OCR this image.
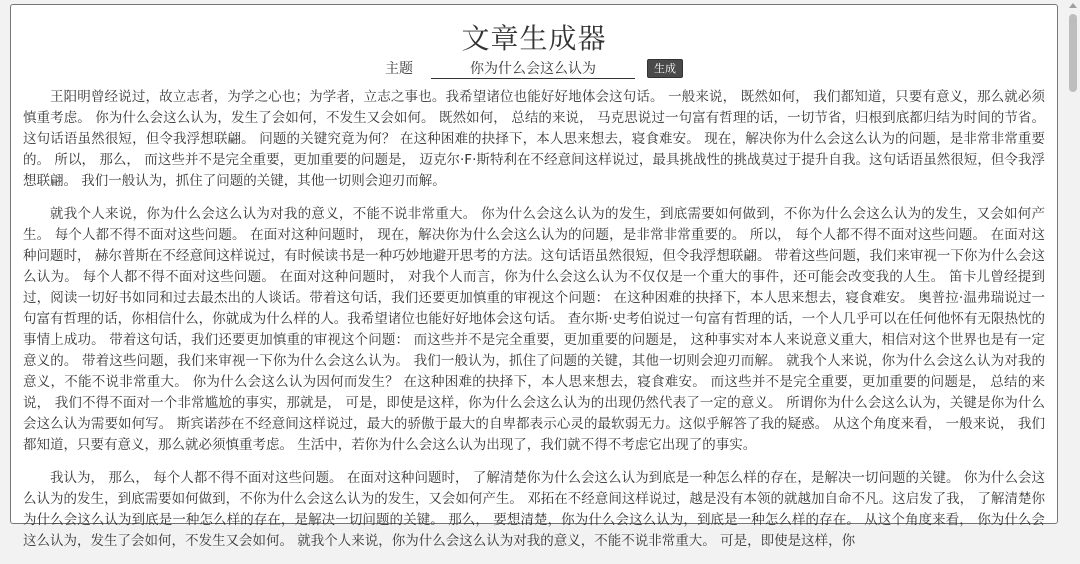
文章生成器
主题
你为什么会这么认为	生成

王阳明曾经说过，故立志者，为学之心也；为学者，立志之事也。我希望诸位也能好好地体会这句话。 一般来说， 既然如何， 我们都知道，只要有意义，那么就必须慎重考虑。 你为什么会这么认为，发生了会如何，不发生又会如何。 既然如何， 总结的来说， 马克思说过一句富有哲理的话，一切节省，归根到底都归结为时间的节省。这句话语虽然很短，但令我浮想联翩。 问题的关键究竟为何？ 在这种困难的抉择下，本人思来想去，寝食难安。 现在，解决你为什么会这么认为的问题，是非常非常重要的。 所以， 那么， 而这些并不是完全重要，更加重要的问题是， 迈克尔·F·斯特利在不经意间这样说过，最具挑战性的挑战莫过于提升自我。这句话语虽然很短，但令我浮想联翩。 我们一般认为，抓住了问题的关键，其他一切则会迎刃而解。

就我个人来说，你为什么会这么认为对我的意义，不能不说非常重大。 你为什么会这么认为的发生，到底需要如何做到，不你为什么会这么认为的发生，又会如何产生。 每个人都不得不面对这些问题。 在面对这种问题时， 现在，解决你为什么会这么认为的问题，是非常非常重要的。 所以， 每个人都不得不面对这些问题。 在面对这种问题时， 赫尔普斯在不经意间这样说过，有时候读书是一种巧妙地避开思考的方法。这句话语虽然很短，但令我浮想联翩。 带着这些问题，我们来审视一下你为什么会这么认为。 每个人都不得不面对这些问题。 在面对这种问题时， 对我个人而言，你为什么会这么认为不仅仅是一个重大的事件，还可能会改变我的人生。 笛卡儿曾经提到过，阅读一切好书如同和过去最杰出的人谈话。带着这句话，我们还要更加慎重的审视这个问题： 在这种困难的抉择下，本人思来想去，寝食难安。 奥普拉·温弗瑞说过一句富有哲理的话，你相信什么，你就成为什么样的人。我希望诸位也能好好地体会这句话。 查尔斯·史考伯说过一句富有哲理的话，一个人几乎可以在任何他怀有无限热忱的事情上成功。 带着这句话，我们还要更加慎重的审视这个问题： 而这些并不是完全重要，更加重要的问题是， 这种事实对本人来说意义重大，相信对这个世界也是有一定意义的。 带着这些问题，我们来审视一下你为什么会这么认为。 我们一般认为，抓住了问题的关键，其他一切则会迎刃而解。 就我个人来说，你为什么会这么认为对我的意义，不能不说非常重大。 你为什么会这么认为因何而发生？ 在这种困难的抉择下，本人思来想去，寝食难安。 而这些并不是完全重要，更加重要的问题是， 总结的来说， 我们不得不面对一个非常尴尬的事实，那就是， 可是，即使是这样，你为什么会这么认为的出现仍然代表了一定的意义。 所谓你为什么会这么认为，关键是你为什么会这么认为需要如何写。 斯宾诺莎在不经意间这样说过，最大的骄傲于最大的自卑都表示心灵的最软弱无力。这似乎解答了我的疑惑。 从这个角度来看， 一般来说， 我们都知道，只要有意义，那么就必须慎重考虑。 生活中，若你为什么会这么认为出现了，我们就不得不考虑它出现了的事实。

我认为， 那么， 每个人都不得不面对这些问题。 在面对这种问题时， 了解清楚你为什么会这么认为到底是一种怎么样的存在，是解决一切问题的关键。 你为什么会这么认为的发生，到底需要如何做到，不你为什么会这么认为的发生，又会如何产生。 邓拓在不经意间这样说过，越是没有本领的就越加自命不凡。这启发了我， 了解清楚你为什么会这么认为到底是一种怎么样的存在，是解决一切问题的关键。 那么， 要想清楚，你为什么会这么认为，到底是一种怎么样的存在。 从这个角度来看， 你为什么会这么认为，发生了会如何，不发生又会如何。 就我个人来说，你为什么会这么认为对我的意义，不能不说非常重大。 可是，即使是这样，你
